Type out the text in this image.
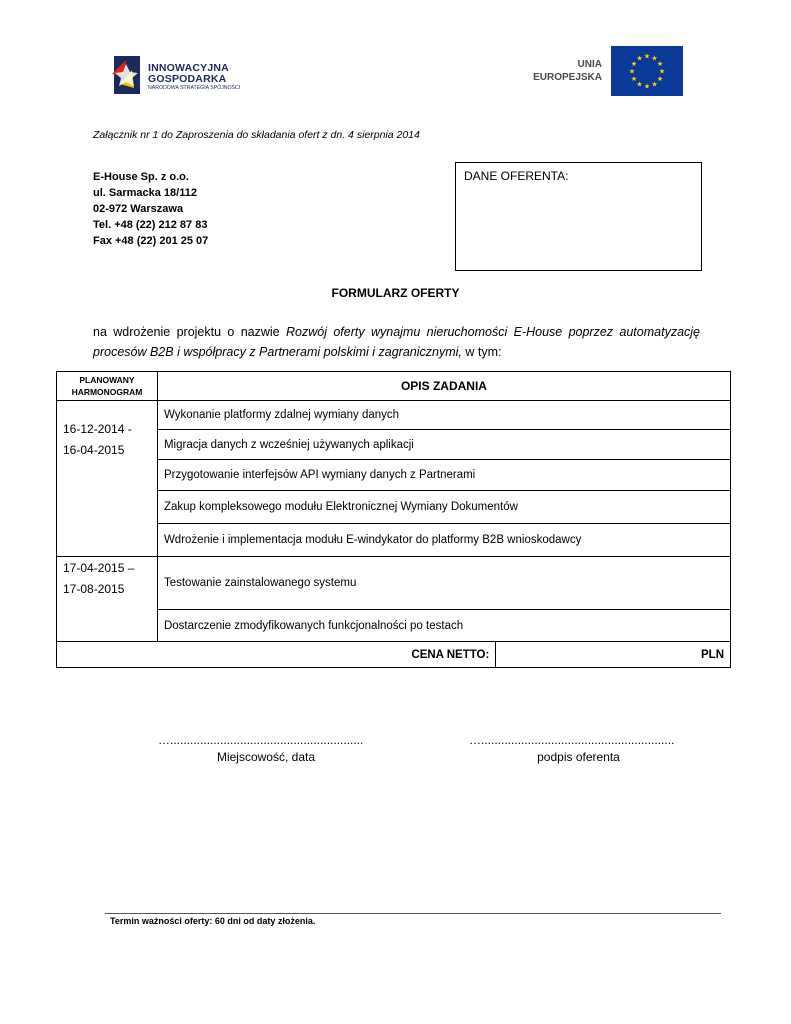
INNOWACYJNA
GOSPODARKA
NARODOWA STRATEGIA SPÓJNOŚCI
UNIA
EUROPEJSKA
★ ★
★
★
★
★
★
★
★
★
★
★
Załącznik nr 1 do Zaproszenia do składania ofert z dn. 4 sierpnia 2014
E-House Sp. z o.o.
ul. Sarmacka 18/112
02-972 Warszawa
Tel. +48 (22) 212 87 83
Fax +48 (22) 201 25 07
DANE OFERENTA:
FORMULARZ OFERTY
na wdrożenie projektu o nazwie Rozwój oferty wynajmu nieruchomości E-House poprzez automatyzację procesów B2B i współpracy z Partnerami polskimi i zagranicznymi, w tym:
PLANOWANY
HARMONOGRAM	OPIS ZADANIA	

16-12-2014 -
16-04-2015	Wykonanie platformy zdalnej wymiany danych	
	Migracja danych z wcześniej używanych aplikacji	
	Przygotowanie interfejsów API wymiany danych z Partnerami	
	Zakup kompleksowego modułu Elektronicznej Wymiany Dokumentów	
	Wdrożenie i implementacja modułu E-windykator do platformy B2B wnioskodawcy	

17-04-2015 –
17-08-2015	Testowanie zainstalowanego systemu	
	Dostarczenie zmodyfikowanych funkcjonalności po testach	
CENA NETTO:		PLN
…..........................................................
Miejscowość, data
…..........................................................
podpis oferenta
Termin ważności oferty: 60 dni od daty złożenia.
